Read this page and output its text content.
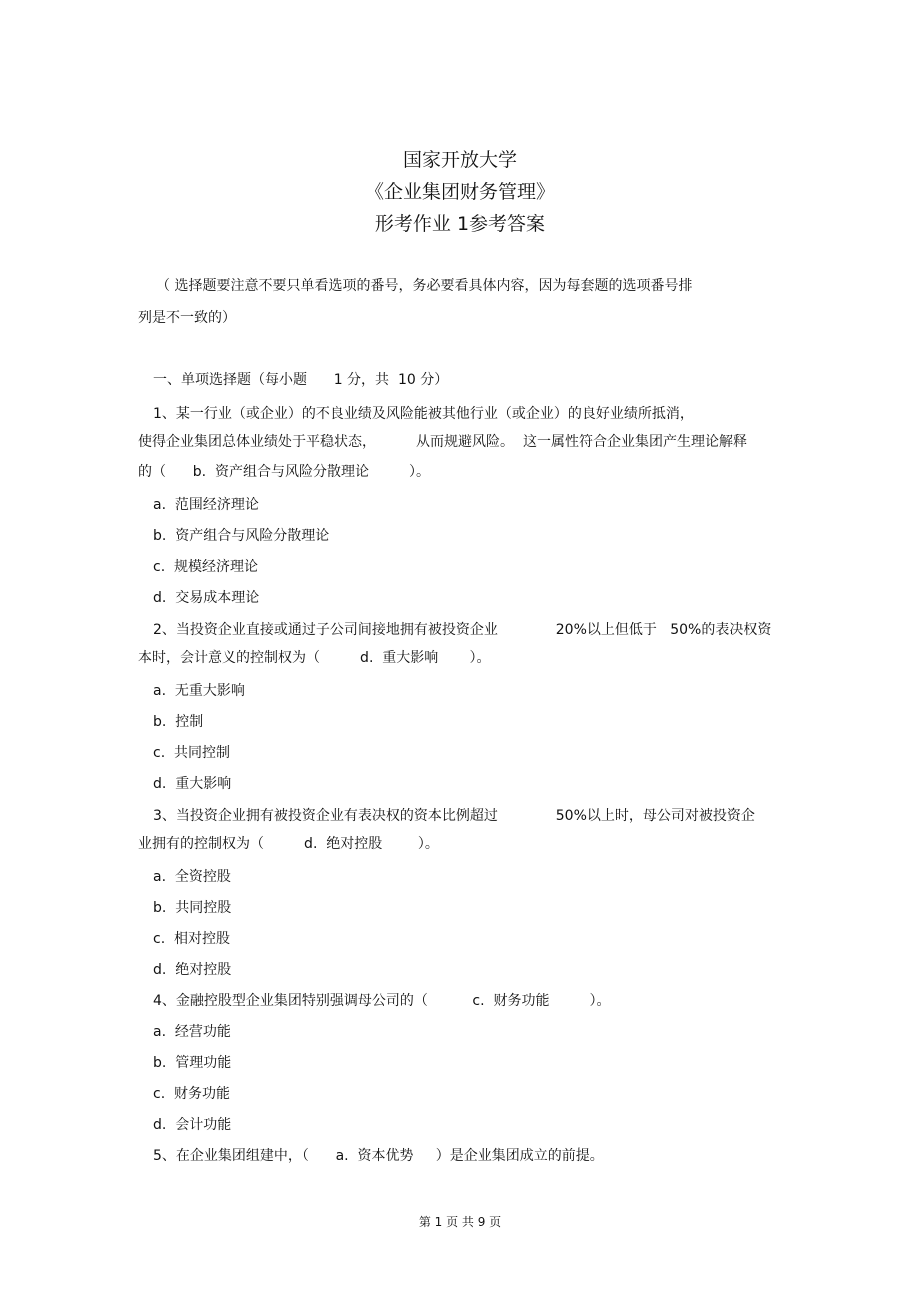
国家开放大学
《企业集团财务管理》
形考作业 1参考答案
（ 选择题要注意不要只单看选项的番号，务必要看具体内容，因为每套题的选项番号排
列是不一致的）
一、单项选择题（每小题      1 分，共  10 分）
1、某一行业（或企业）的不良业绩及风险能被其他行业（或企业）的良好业绩所抵消，
使得企业集团总体业绩处于平稳状态，         从而规避风险。  这一属性符合企业集团产生理论解释
的（      b.  资产组合与风险分散理论         ）。
a.  范围经济理论
b.  资产组合与风险分散理论
c.  规模经济理论
d.  交易成本理论
2、当投资企业直接或通过子公司间接地拥有被投资企业             20%以上但低于   50%的表决权资
本时，会计意义的控制权为（         d.  重大影响       ）。
a.  无重大影响
b.  控制
c.  共同控制
d.  重大影响
3、当投资企业拥有被投资企业有表决权的资本比例超过             50%以上时，母公司对被投资企
业拥有的控制权为（         d.  绝对控股        ）。
a.  全资控股
b.  共同控股
c.  相对控股
d.  绝对控股
4、金融控股型企业集团特别强调母公司的（          c.  财务功能         ）。
a.  经营功能
b.  管理功能
c.  财务功能
d.  会计功能
5、在企业集团组建中，（      a.  资本优势     ）是企业集团成立的前提。
第 1 页 共 9 页
